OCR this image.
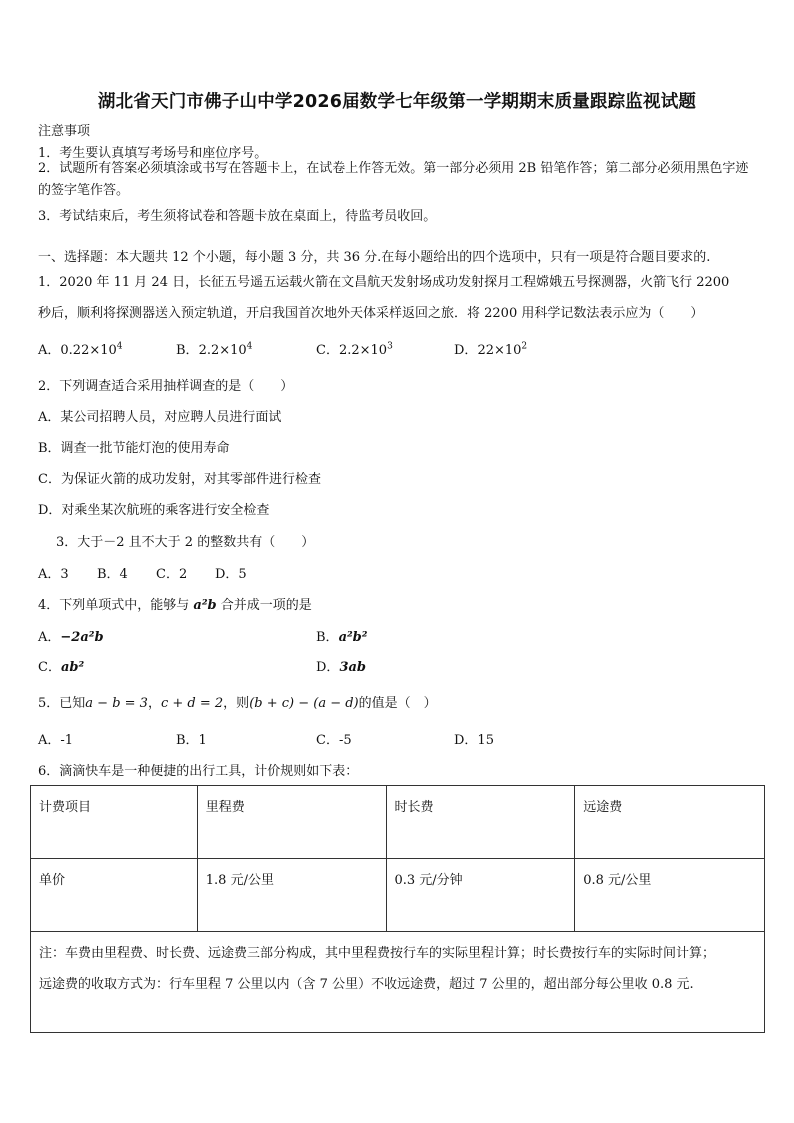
湖北省天门市佛子山中学2026届数学七年级第一学期期末质量跟踪监视试题
注意事项
1．考生要认真填写考场号和座位序号。
2．试题所有答案必须填涂或书写在答题卡上，在试卷上作答无效。第一部分必须用 2B 铅笔作答；第二部分必须用黑色字迹的签字笔作答。
3．考试结束后，考生须将试卷和答题卡放在桌面上，待监考员收回。
一、选择题：本大题共 12 个小题，每小题 3 分，共 36 分.在每小题给出的四个选项中，只有一项是符合题目要求的.
1．2020 年 11 月 24 日，长征五号遥五运载火箭在文昌航天发射场成功发射探月工程嫦娥五号探测器，火箭飞行 2200
秒后，顺利将探测器送入预定轨道，开启我国首次地外天体采样返回之旅．将 2200 用科学记数法表示应为（　　）
A．$0.22\times 10^4$	B．$2.2\times 10^4$	C．$2.2\times 10^3$	D．$22\times 10^2$
2．下列调查适合采用抽样调查的是（　　）
A．某公司招聘人员，对应聘人员进行面试
B．调查一批节能灯泡的使用寿命
C．为保证火箭的成功发射，对其零部件进行检查
D．对乘坐某次航班的乘客进行安全检查
3．大于－2 且不大于 2 的整数共有（　　）
A．3 B．4 C．2 D．5
4．下列单项式中，能够与 a²b 合并成一项的是
A．−2a²b	B．a²b²
C．ab²	D．3ab
5．已知a − b = 3，c + d = 2，则(b + c) − (a − d)的值是（　）
A．-1	B．1	C．-5	D．15
6．滴滴快车是一种便捷的出行工具，计价规则如下表：
计费项目	里程费	时长费	远途费
单价	1.8 元/公里	0.3 元/分钟	0.8 元/公里

注：车费由里程费、时长费、远途费三部分构成，其中里程费按行车的实际里程计算；时长费按行车的实际时间计算；
远途费的收取方式为：行车里程 7 公里以内（含 7 公里）不收远途费，超过 7 公里的，超出部分每公里收 0.8 元.			
